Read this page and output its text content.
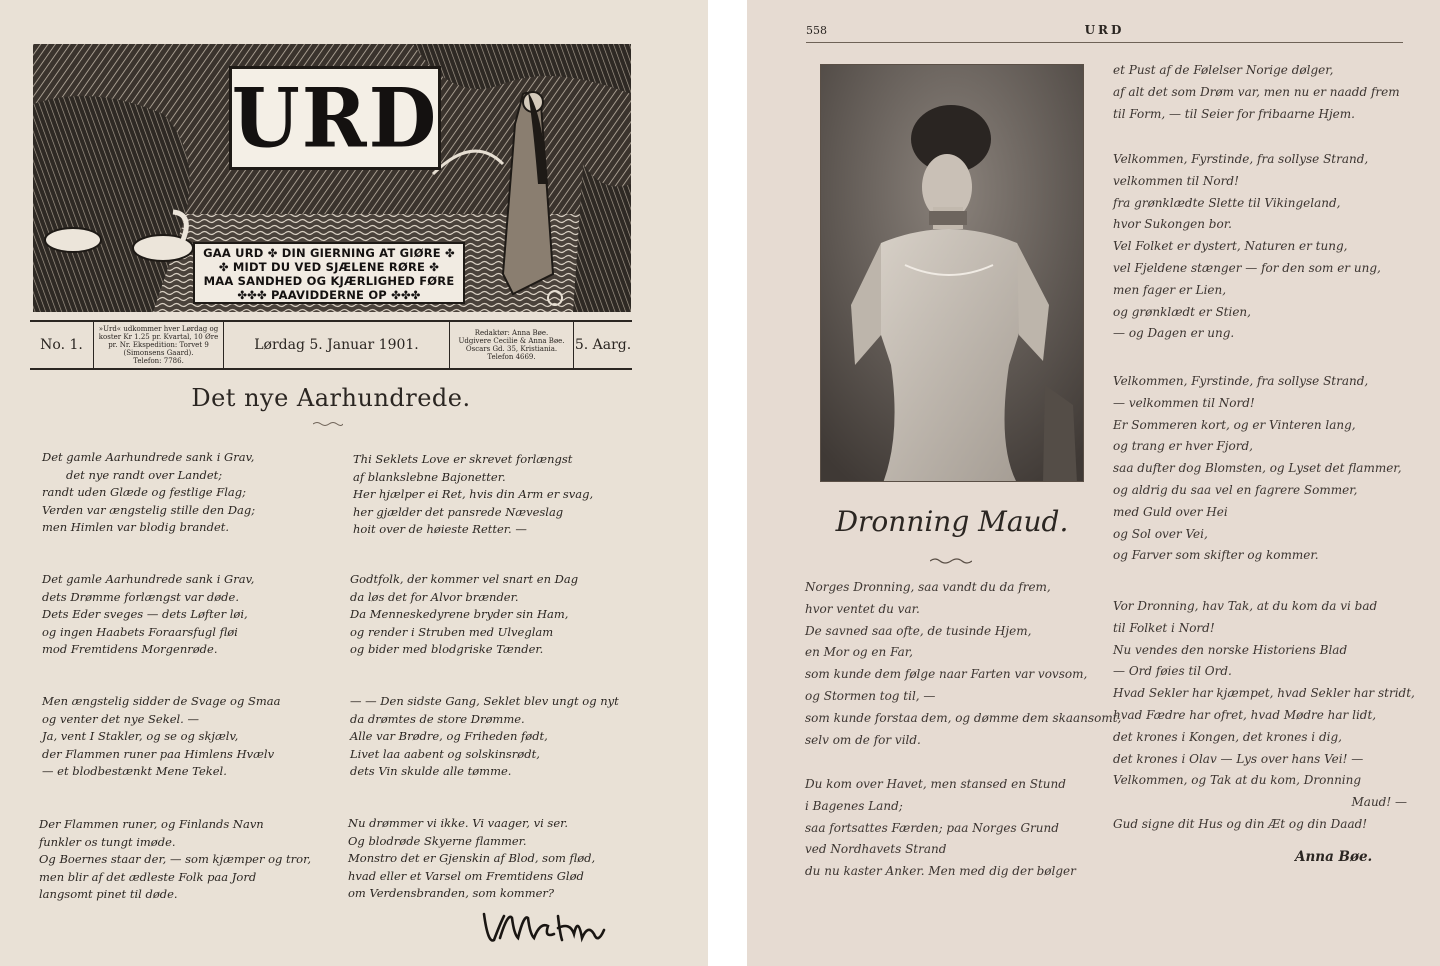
URD
GAA URD ✤ DIN GIERNING AT GIØRE ✤
✤ MIDT DU VED SJÆLENE RØRE ✤
MAA SANDHED OG KJÆRLIGHED FØRE
✤✤✤ PAAVIDDERNE OP ✤✤✤
No. 1.
»Urd« udkommer hver Lørdag og
koster Kr 1.25 pr. Kvartal, 10 Øre
pr. Nr. Ekspedition: Torvet 9
(Simonsens Gaard).
Telefon: 7786.
Lørdag 5. Januar 1901.
Redaktør: Anna Bøe.
Udgivere Cecilie & Anna Bøe.
Oscars Gd. 35, Kristiania.
Telefon 4669.
5. Aarg.
Det nye Aarhundrede.
Det gamle Aarhundrede sank i Grav,
det nye randt over Landet;
randt uden Glæde og festlige Flag;
Verden var ængstelig stille den Dag;
men Himlen var blodig brandet.
Det gamle Aarhundrede sank i Grav,
dets Drømme forlængst var døde.
Dets Eder sveges — dets Løfter løi,
og ingen Haabets Foraarsfugl fløi
mod Fremtidens Morgenrøde.
Men ængstelig sidder de Svage og Smaa
og venter det nye Sekel. —
Ja, vent I Stakler, og se og skjælv,
der Flammen runer paa Himlens Hvælv
— et blodbestænkt Mene Tekel.
Der Flammen runer, og Finlands Navn
funkler os tungt imøde.
Og Boernes staar der, — som kjæmper og tror,
men blir af det ædleste Folk paa Jord
langsomt pinet til døde.
Thi Seklets Love er skrevet forlængst
af blankslebne Bajonetter.
Her hjælper ei Ret, hvis din Arm er svag,
her gjælder det pansrede Næveslag
hoit over de høieste Retter. —
Godtfolk, der kommer vel snart en Dag
da løs det for Alvor brænder.
Da Menneskedyrene bryder sin Ham,
og render i Struben med Ulveglam
og bider med blodgriske Tænder.
— — Den sidste Gang, Seklet blev ungt og nyt
da drømtes de store Drømme.
Alle var Brødre, og Friheden født,
Livet laa aabent og solskinsrødt,
dets Vin skulde alle tømme.
Nu drømmer vi ikke. Vi vaager, vi ser.
Og blodrøde Skyerne flammer.
Monstro det er Gjenskin af Blod, som flød,
hvad eller et Varsel om Fremtidens Glød
om Verdensbranden, som kommer?
558	URD
Dronning Maud.
Norges Dronning, saa vandt du da frem,
hvor ventet du var.
De savned saa ofte, de tusinde Hjem,
en Mor og en Far,
som kunde dem følge naar Farten var vovsom,
og Stormen tog til, —
som kunde forstaa dem, og dømme dem skaansomt,
selv om de for vild.
Du kom over Havet, men stansed en Stund
i Bagenes Land;
saa fortsattes Færden; paa Norges Grund
ved Nordhavets Strand
du nu kaster Anker. Men med dig der bølger
et Pust af de Følelser Norige dølger,
af alt det som Drøm var, men nu er naadd frem
til Form, — til Seier for fribaarne Hjem.
Velkommen, Fyrstinde, fra sollyse Strand,
velkommen til Nord!
fra grønklædte Slette til Vikingeland,
hvor Sukongen bor.
Vel Folket er dystert, Naturen er tung,
vel Fjeldene stænger — for den som er ung,
men fager er Lien,
og grønklædt er Stien,
— og Dagen er ung.
Velkommen, Fyrstinde, fra sollyse Strand,
— velkommen til Nord!
Er Sommeren kort, og er Vinteren lang,
og trang er hver Fjord,
saa dufter dog Blomsten, og Lyset det flammer,
og aldrig du saa vel en fagrere Sommer,
med Guld over Hei
og Sol over Vei,
og Farver som skifter og kommer.
Vor Dronning, hav Tak, at du kom da vi bad
til Folket i Nord!
Nu vendes den norske Historiens Blad
— Ord føies til Ord.
Hvad Sekler har kjæmpet, hvad Sekler har stridt,
hvad Fædre har ofret, hvad Mødre har lidt,
det krones i Kongen, det krones i dig,
det krones i Olav — Lys over hans Vei! —
Velkommen, og Tak at du kom, Dronning
Maud! —
Gud signe dit Hus og din Æt og din Daad!
Anna Bøe.
